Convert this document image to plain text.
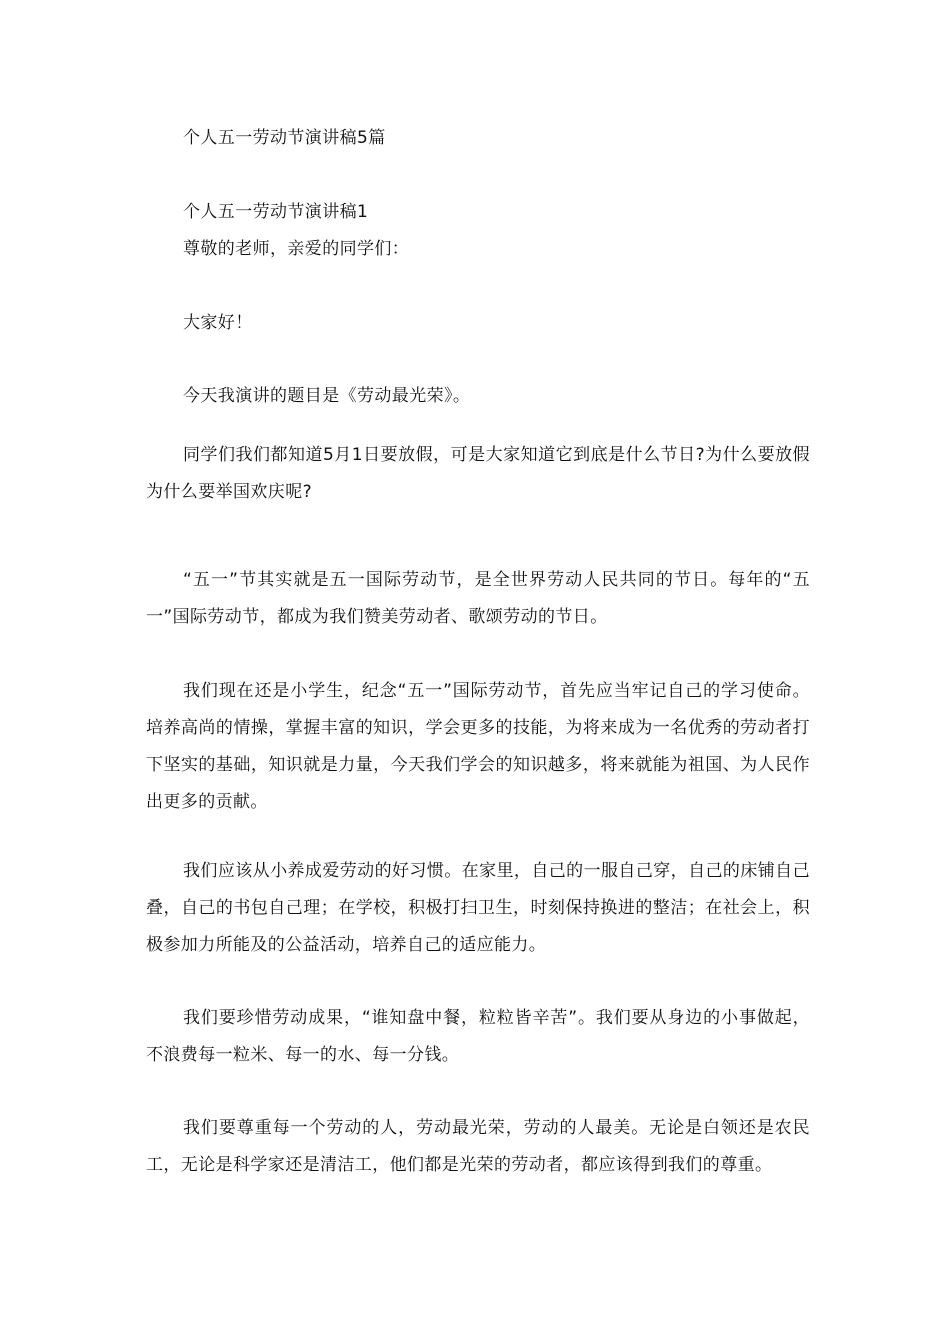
个人五一劳动节演讲稿5篇
个人五一劳动节演讲稿1
尊敬的老师，亲爱的同学们：
大家好！
今天我演讲的题目是《劳动最光荣》。

同学们我们都知道5月1日要放假，可是大家知道它到底是什么节日?为什么要放假为什么要举国欢庆呢?

“五一”节其实就是五一国际劳动节，是全世界劳动人民共同的节日。每年的“五一”国际劳动节，都成为我们赞美劳动者、歌颂劳动的节日。

我们现在还是小学生，纪念“五一”国际劳动节，首先应当牢记自己的学习使命。培养高尚的情操，掌握丰富的知识，学会更多的技能，为将来成为一名优秀的劳动者打下坚实的基础，知识就是力量，今天我们学会的知识越多，将来就能为祖国、为人民作出更多的贡献。

我们应该从小养成爱劳动的好习惯。在家里，自己的一服自己穿，自己的床铺自己叠，自己的书包自己理；在学校，积极打扫卫生，时刻保持换进的整洁；在社会上，积极参加力所能及的公益活动，培养自己的适应能力。

我们要珍惜劳动成果，“谁知盘中餐，粒粒皆辛苦”。我们要从身边的小事做起，不浪费每一粒米、每一的水、每一分钱。

我们要尊重每一个劳动的人，劳动最光荣，劳动的人最美。无论是白领还是农民工，无论是科学家还是清洁工，他们都是光荣的劳动者，都应该得到我们的尊重。
